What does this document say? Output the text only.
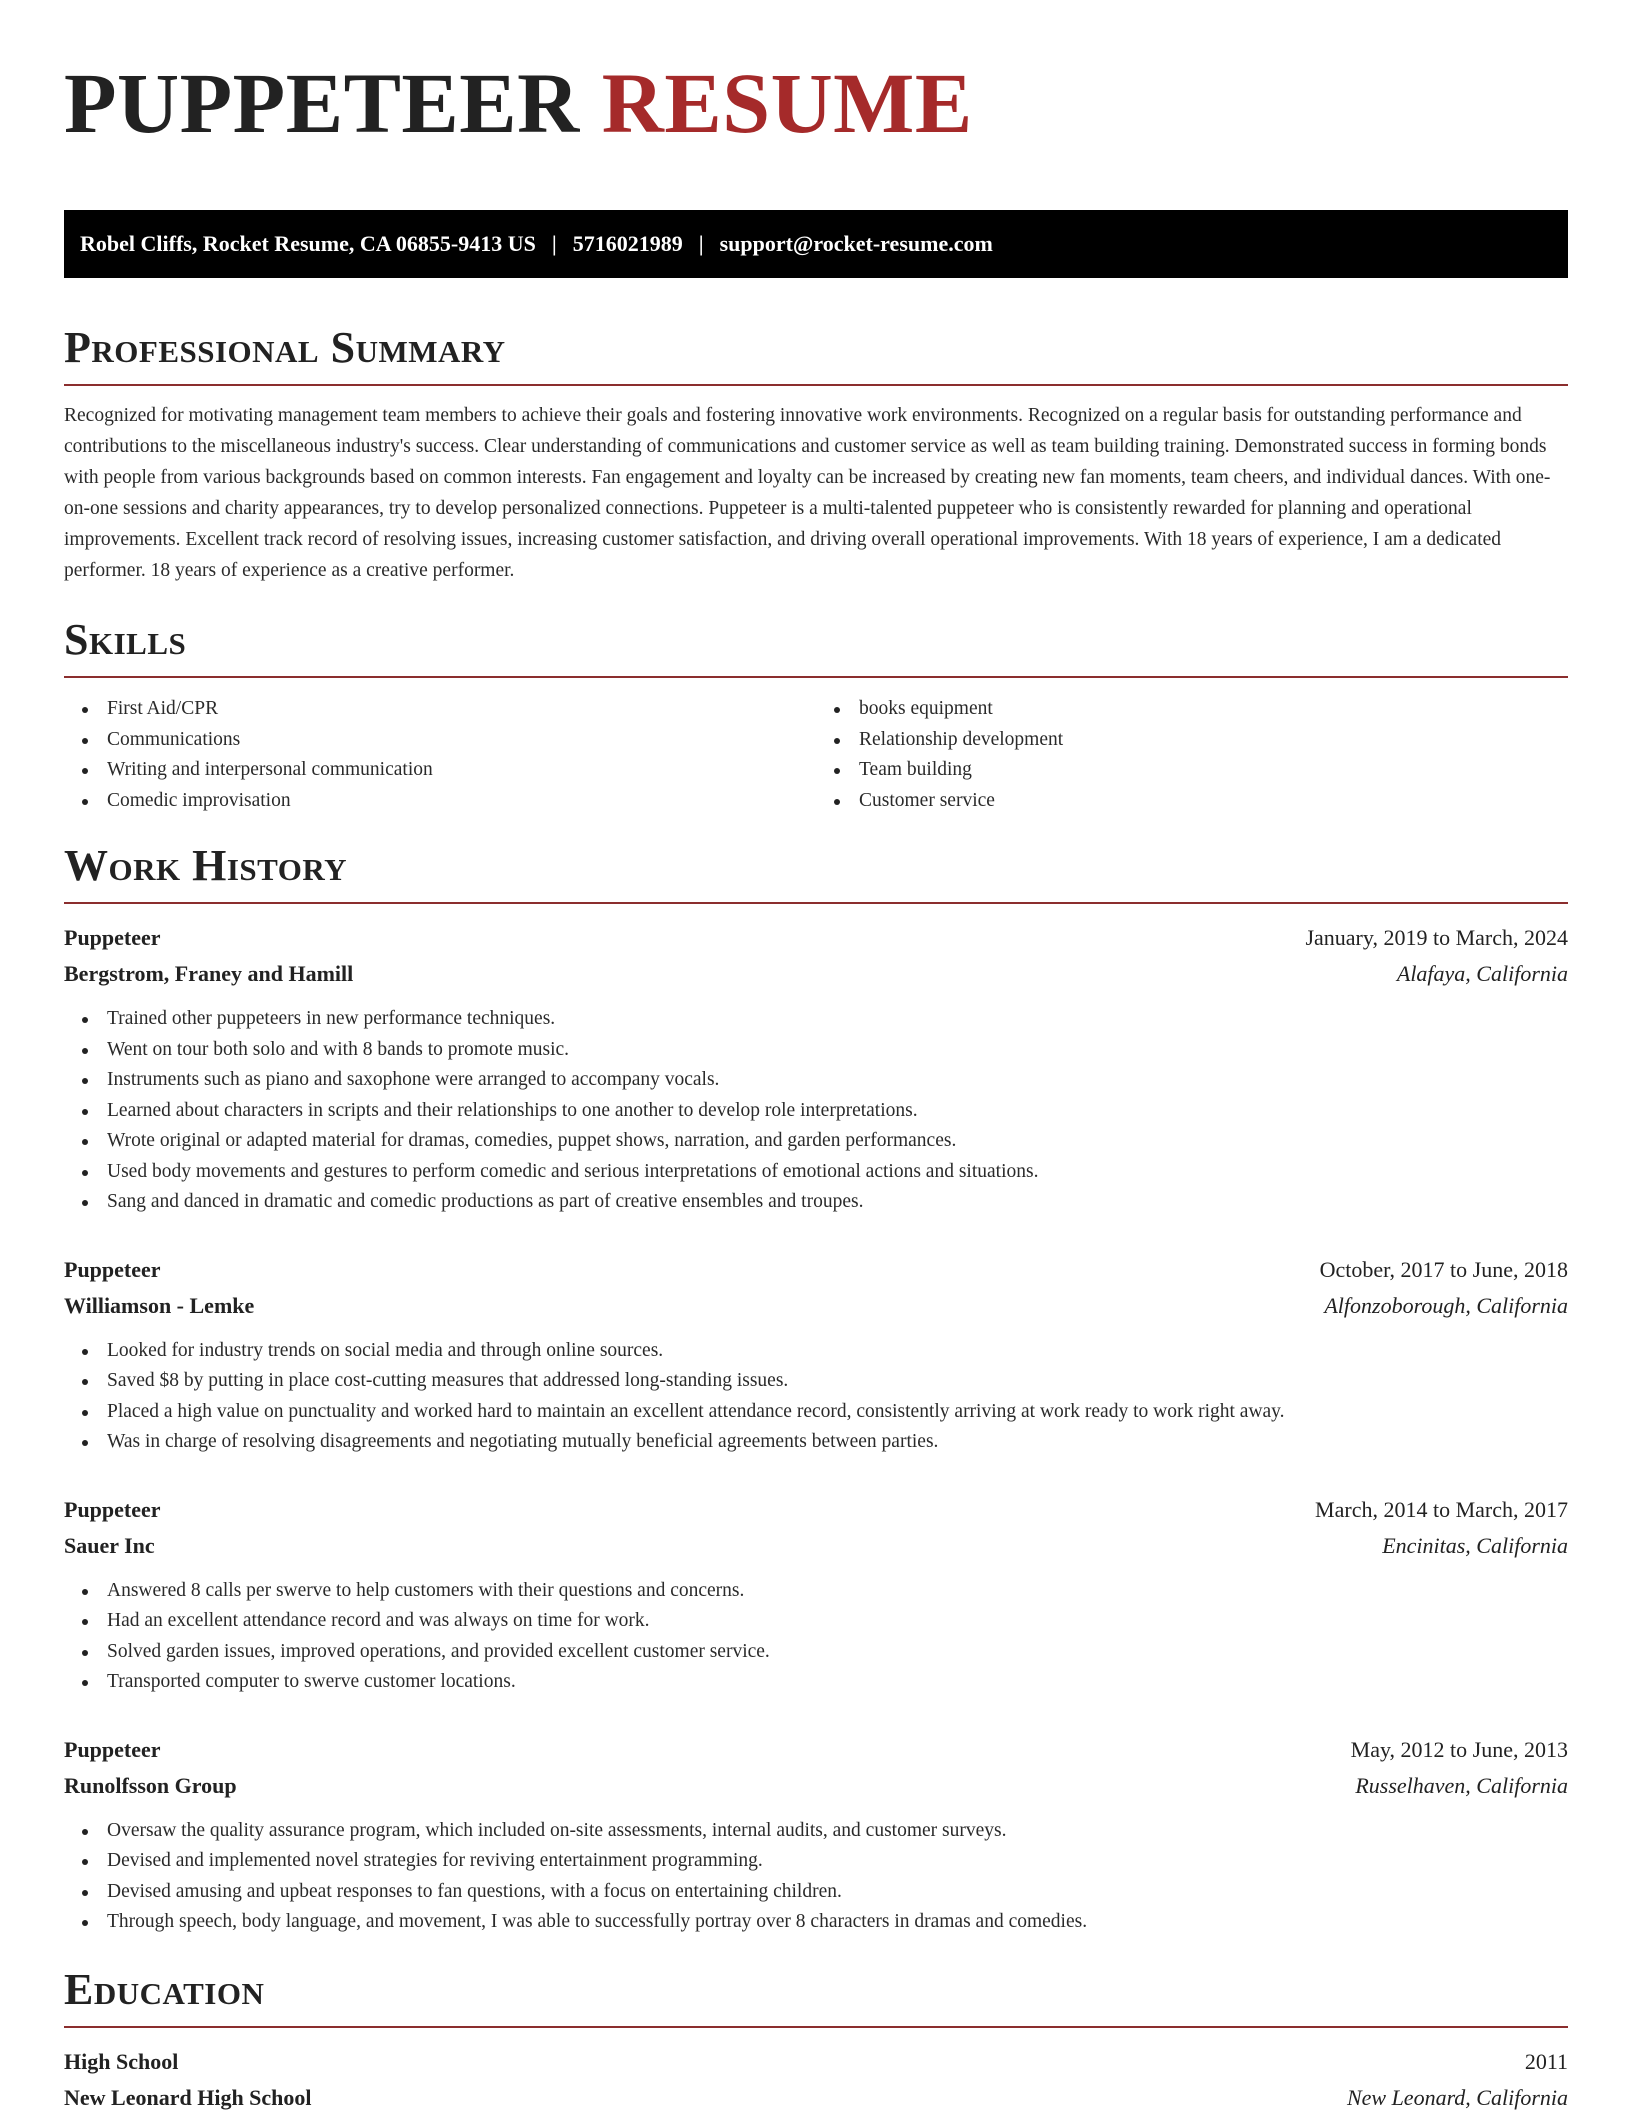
PUPPETEER RESUME
Robel Cliffs, Rocket Resume, CA 06855-9413 US | 5716021989 | support@rocket-resume.com
Professional Summary

Recognized for motivating management team members to achieve their goals and fostering innovative work environments. Recognized on a regular basis for outstanding performance and contributions to the miscellaneous industry's success. Clear understanding of communications and customer service as well as team building training. Demonstrated success in forming bonds with people from various backgrounds based on common interests. Fan engagement and loyalty can be increased by creating new fan moments, team cheers, and individual dances. With one-on-one sessions and charity appearances, try to develop personalized connections. Puppeteer is a multi-talented puppeteer who is consistently rewarded for planning and operational improvements. Excellent track record of resolving issues, increasing customer satisfaction, and driving overall operational improvements. With 18 years of experience, I am a dedicated performer. 18 years of experience as a creative performer.

Skills
First Aid/CPR
Communications
Writing and interpersonal communication
Comedic improvisation
books equipment
Relationship development
Team building
Customer service
Work History
Puppeteer	January, 2019 to March, 2024
Bergstrom, Franey and Hamill	Alafaya, California
Trained other puppeteers in new performance techniques.
Went on tour both solo and with 8 bands to promote music.
Instruments such as piano and saxophone were arranged to accompany vocals.
Learned about characters in scripts and their relationships to one another to develop role interpretations.
Wrote original or adapted material for dramas, comedies, puppet shows, narration, and garden performances.
Used body movements and gestures to perform comedic and serious interpretations of emotional actions and situations.
Sang and danced in dramatic and comedic productions as part of creative ensembles and troupes.
Puppeteer	October, 2017 to June, 2018
Williamson - Lemke	Alfonzoborough, California
Looked for industry trends on social media and through online sources.
Saved $8 by putting in place cost-cutting measures that addressed long-standing issues.
Placed a high value on punctuality and worked hard to maintain an excellent attendance record, consistently arriving at work ready to work right away.
Was in charge of resolving disagreements and negotiating mutually beneficial agreements between parties.
Puppeteer	March, 2014 to March, 2017
Sauer Inc	Encinitas, California
Answered 8 calls per swerve to help customers with their questions and concerns.
Had an excellent attendance record and was always on time for work.
Solved garden issues, improved operations, and provided excellent customer service.
Transported computer to swerve customer locations.
Puppeteer	May, 2012 to June, 2013
Runolfsson Group	Russelhaven, California
Oversaw the quality assurance program, which included on-site assessments, internal audits, and customer surveys.
Devised and implemented novel strategies for reviving entertainment programming.
Devised amusing and upbeat responses to fan questions, with a focus on entertaining children.
Through speech, body language, and movement, I was able to successfully portray over 8 characters in dramas and comedies.
Education
High School	2011
New Leonard High School	New Leonard, California
